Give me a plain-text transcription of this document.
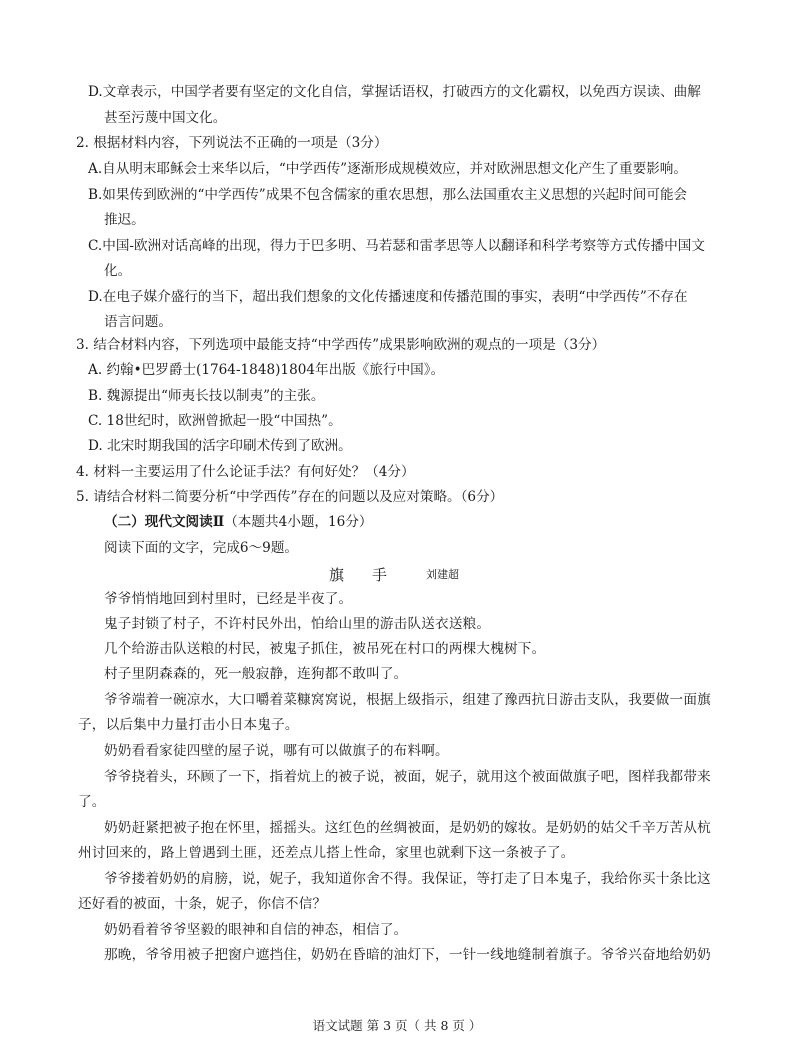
D.文章表示，中国学者要有坚定的文化自信，掌握话语权，打破西方的文化霸权，以免西方误读、曲解
甚至污蔑中国文化。
2. 根据材料内容，下列说法不正确的一项是（3分）
A.自从明末耶稣会士来华以后，“中学西传”逐渐形成规模效应，并对欧洲思想文化产生了重要影响。
B.如果传到欧洲的“中学西传”成果不包含儒家的重农思想，那么法国重农主义思想的兴起时间可能会
推迟。
C.中国-欧洲对话高峰的出现，得力于巴多明、马若瑟和雷孝思等人以翻译和科学考察等方式传播中国文
化。
D.在电子媒介盛行的当下，超出我们想象的文化传播速度和传播范围的事实，表明“中学西传”不存在
语言问题。
3. 结合材料内容，下列选项中最能支持“中学西传”成果影响欧洲的观点的一项是（3分）
A. 约翰•巴罗爵士(1764-1848)1804年出版《旅行中国》。
B. 魏源提出“师夷长技以制夷”的主张。
C. 18世纪时，欧洲曾掀起一股“中国热”。
D. 北宋时期我国的活字印刷术传到了欧洲。
4. 材料一主要运用了什么论证手法？有何好处？（4分）
5. 请结合材料二简要分析“中学西传”存在的问题以及应对策略。（6分）
（二）现代文阅读Ⅱ（本题共4小题，16分）
阅读下面的文字，完成6～9题。
旗手 刘建超
爷爷悄悄地回到村里时，已经是半夜了。
鬼子封锁了村子，不许村民外出，怕给山里的游击队送衣送粮。
几个给游击队送粮的村民，被鬼子抓住，被吊死在村口的两棵大槐树下。
村子里阴森森的，死一般寂静，连狗都不敢叫了。
爷爷端着一碗凉水，大口嚼着菜糠窝窝说，根据上级指示，组建了豫西抗日游击支队，我要做一面旗
子，以后集中力量打击小日本鬼子。
奶奶看看家徒四壁的屋子说，哪有可以做旗子的布料啊。
爷爷挠着头，环顾了一下，指着炕上的被子说，被面，妮子，就用这个被面做旗子吧，图样我都带来
了。
奶奶赶紧把被子抱在怀里，摇摇头。这红色的丝绸被面，是奶奶的嫁妆。是奶奶的姑父千辛万苦从杭
州讨回来的，路上曾遇到土匪，还差点儿搭上性命，家里也就剩下这一条被子了。
爷爷搂着奶奶的肩膀，说，妮子，我知道你舍不得。我保证，等打走了日本鬼子，我给你买十条比这
还好看的被面，十条，妮子，你信不信？
奶奶看着爷爷坚毅的眼神和自信的神态，相信了。
那晚，爷爷用被子把窗户遮挡住，奶奶在昏暗的油灯下，一针一线地缝制着旗子。爷爷兴奋地给奶奶
语文试题 第 3 页（ 共 8 页 ）
